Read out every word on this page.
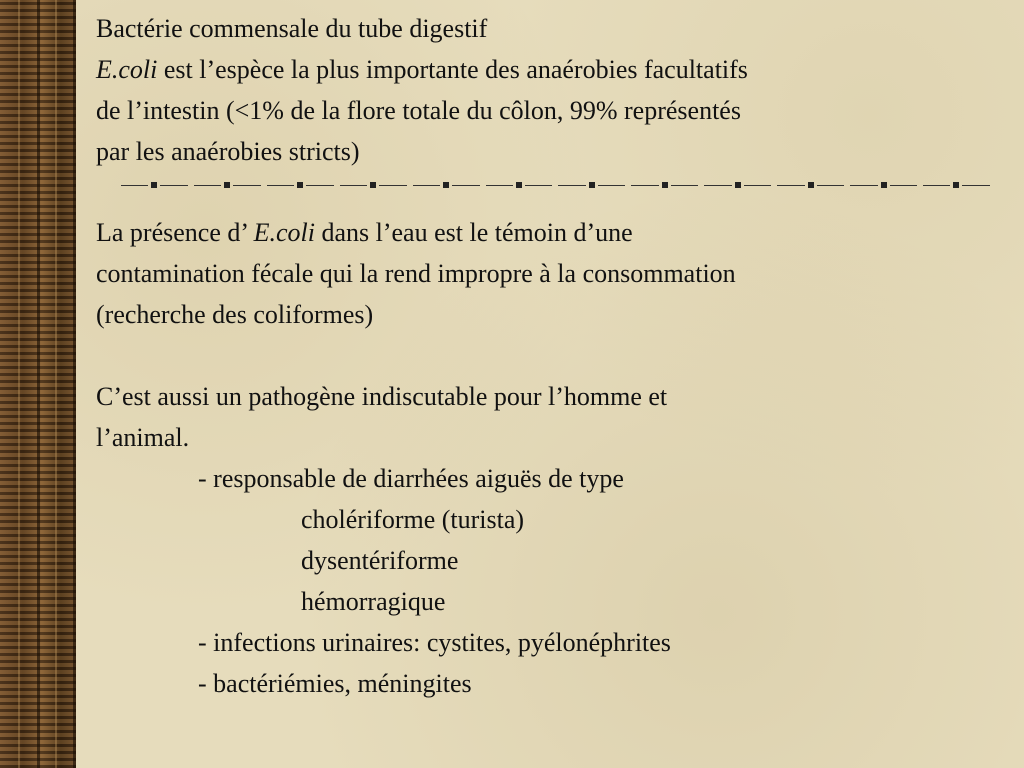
Bactérie commensale du tube digestif
E.coli est l’espèce la plus importante des anaérobies facultatifs
de l’intestin (<1% de la flore totale du côlon, 99% représentés
par les anaérobies stricts)
La présence d’ E.coli dans l’eau est le témoin d’une
contamination fécale qui la rend impropre à la consommation
(recherche des coliformes)
C’est aussi un pathogène indiscutable pour l’homme et
l’animal.
- responsable de diarrhées aiguës de type
cholériforme (turista)
dysentériforme
hémorragique
- infections urinaires: cystites, pyélonéphrites
- bactériémies, méningites
